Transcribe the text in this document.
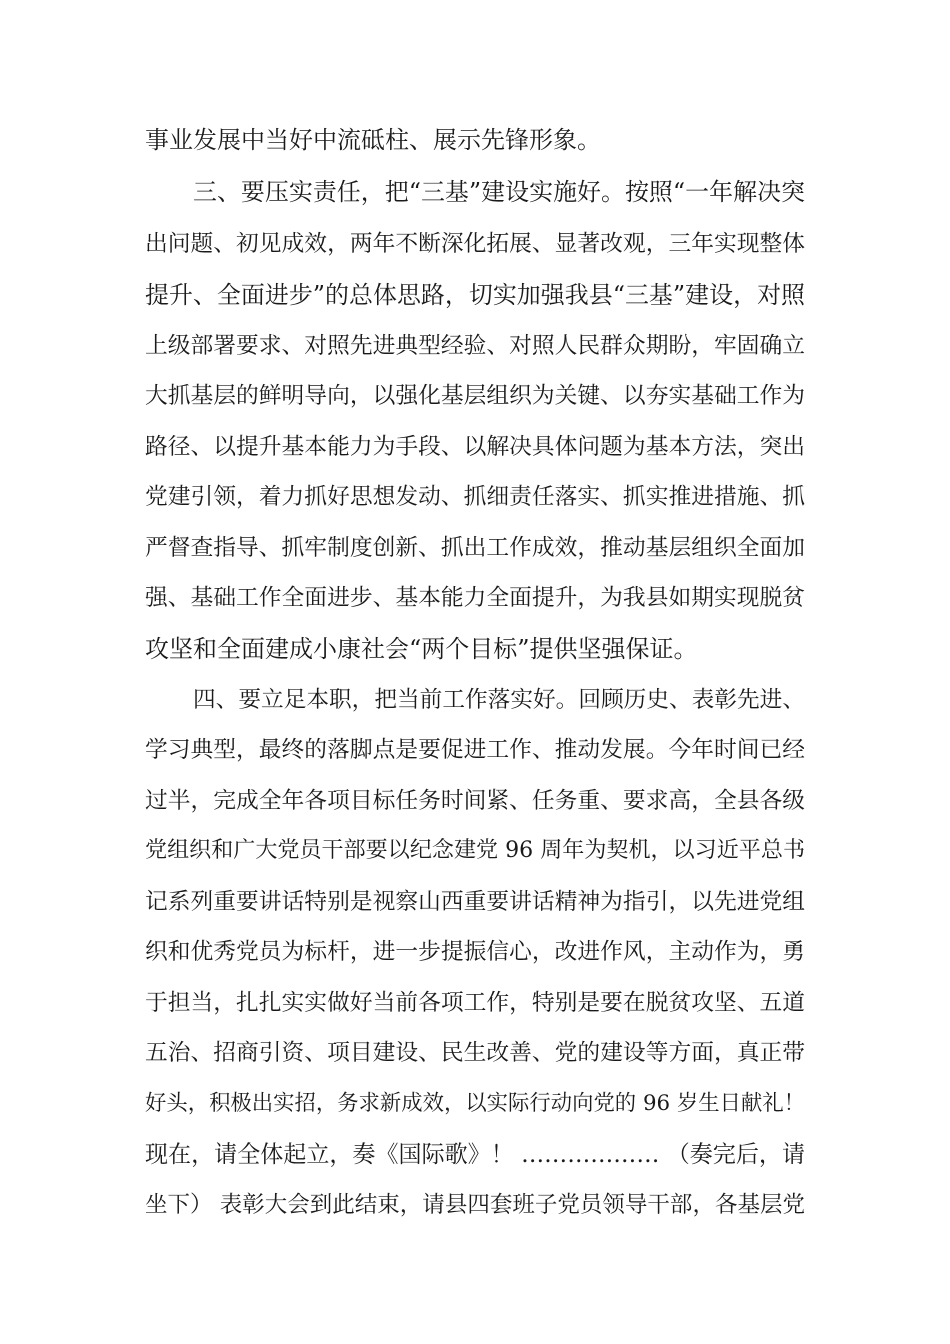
事业发展中当好中流砥柱、展示先锋形象。
三、要压实责任，把“三基”建设实施好。按照“一年解决突
出问题、初见成效，两年不断深化拓展、显著改观，三年实现整体
提升、全面进步”的总体思路，切实加强我县“三基”建设，对照
上级部署要求、对照先进典型经验、对照人民群众期盼，牢固确立
大抓基层的鲜明导向，以强化基层组织为关键、以夯实基础工作为
路径、以提升基本能力为手段、以解决具体问题为基本方法，突出
党建引领，着力抓好思想发动、抓细责任落实、抓实推进措施、抓
严督查指导、抓牢制度创新、抓出工作成效，推动基层组织全面加
强、基础工作全面进步、基本能力全面提升，为我县如期实现脱贫
攻坚和全面建成小康社会“两个目标”提供坚强保证。
四、要立足本职，把当前工作落实好。回顾历史、表彰先进、
学习典型，最终的落脚点是要促进工作、推动发展。今年时间已经
过半，完成全年各项目标任务时间紧、任务重、要求高，全县各级
党组织和广大党员干部要以纪念建党 96 周年为契机，以习近平总书
记系列重要讲话特别是视察山西重要讲话精神为指引，以先进党组
织和优秀党员为标杆，进一步提振信心，改进作风，主动作为，勇
于担当，扎扎实实做好当前各项工作，特别是要在脱贫攻坚、五道
五治、招商引资、项目建设、民生改善、党的建设等方面，真正带
好头，积极出实招，务求新成效，以实际行动向党的 96 岁生日献礼！
现在，请全体起立，奏《国际歌》！ ……………… （奏完后，请
坐下） 表彰大会到此结束，请县四套班子党员领导干部，各基层党
